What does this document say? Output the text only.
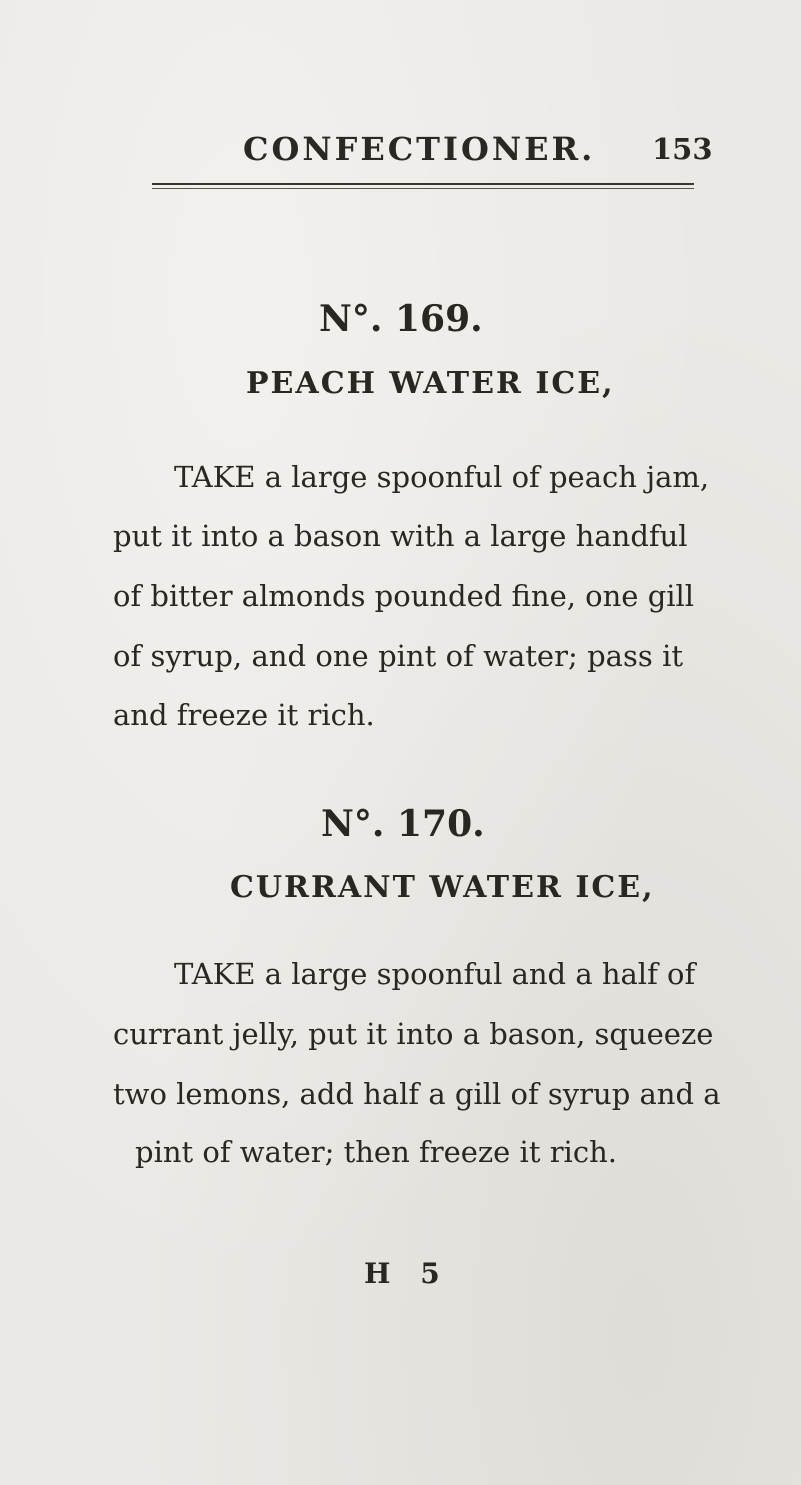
CONFECTIONER. 153
N°. 169.
PEACH WATER ICE,
TAKE a large spoonful of peach jam,
put it into a bason with a large handful
of bitter almonds pounded fine, one gill
of syrup, and one pint of water; pass it
and freeze it rich.
N°. 170.
CURRANT WATER ICE,
TAKE a large spoonful and a half of
currant jelly, put it into a bason, squeeze
two lemons, add half a gill of syrup and a
pint of water; then freeze it rich.
H 5
